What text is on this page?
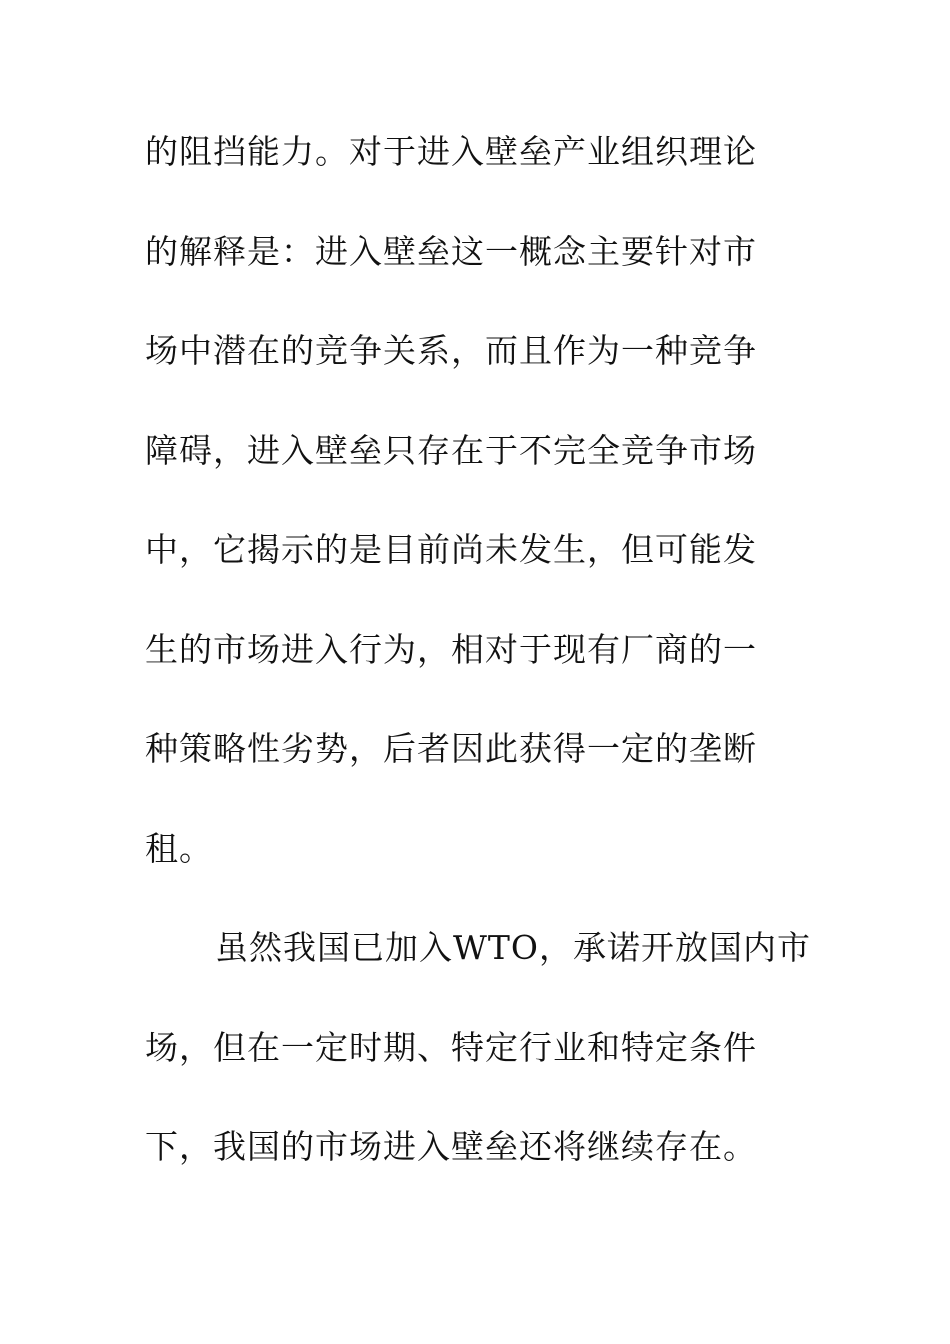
的阻挡能力。对于进入壁垒产业组织理论
的解释是：进入壁垒这一概念主要针对市
场中潜在的竞争关系，而且作为一种竞争
障碍，进入壁垒只存在于不完全竞争市场
中，它揭示的是目前尚未发生，但可能发
生的市场进入行为，相对于现有厂商的一
种策略性劣势，后者因此获得一定的垄断
租。
虽然我国已加入WTO，承诺开放国内市
场，但在一定时期、特定行业和特定条件
下，我国的市场进入壁垒还将继续存在。
